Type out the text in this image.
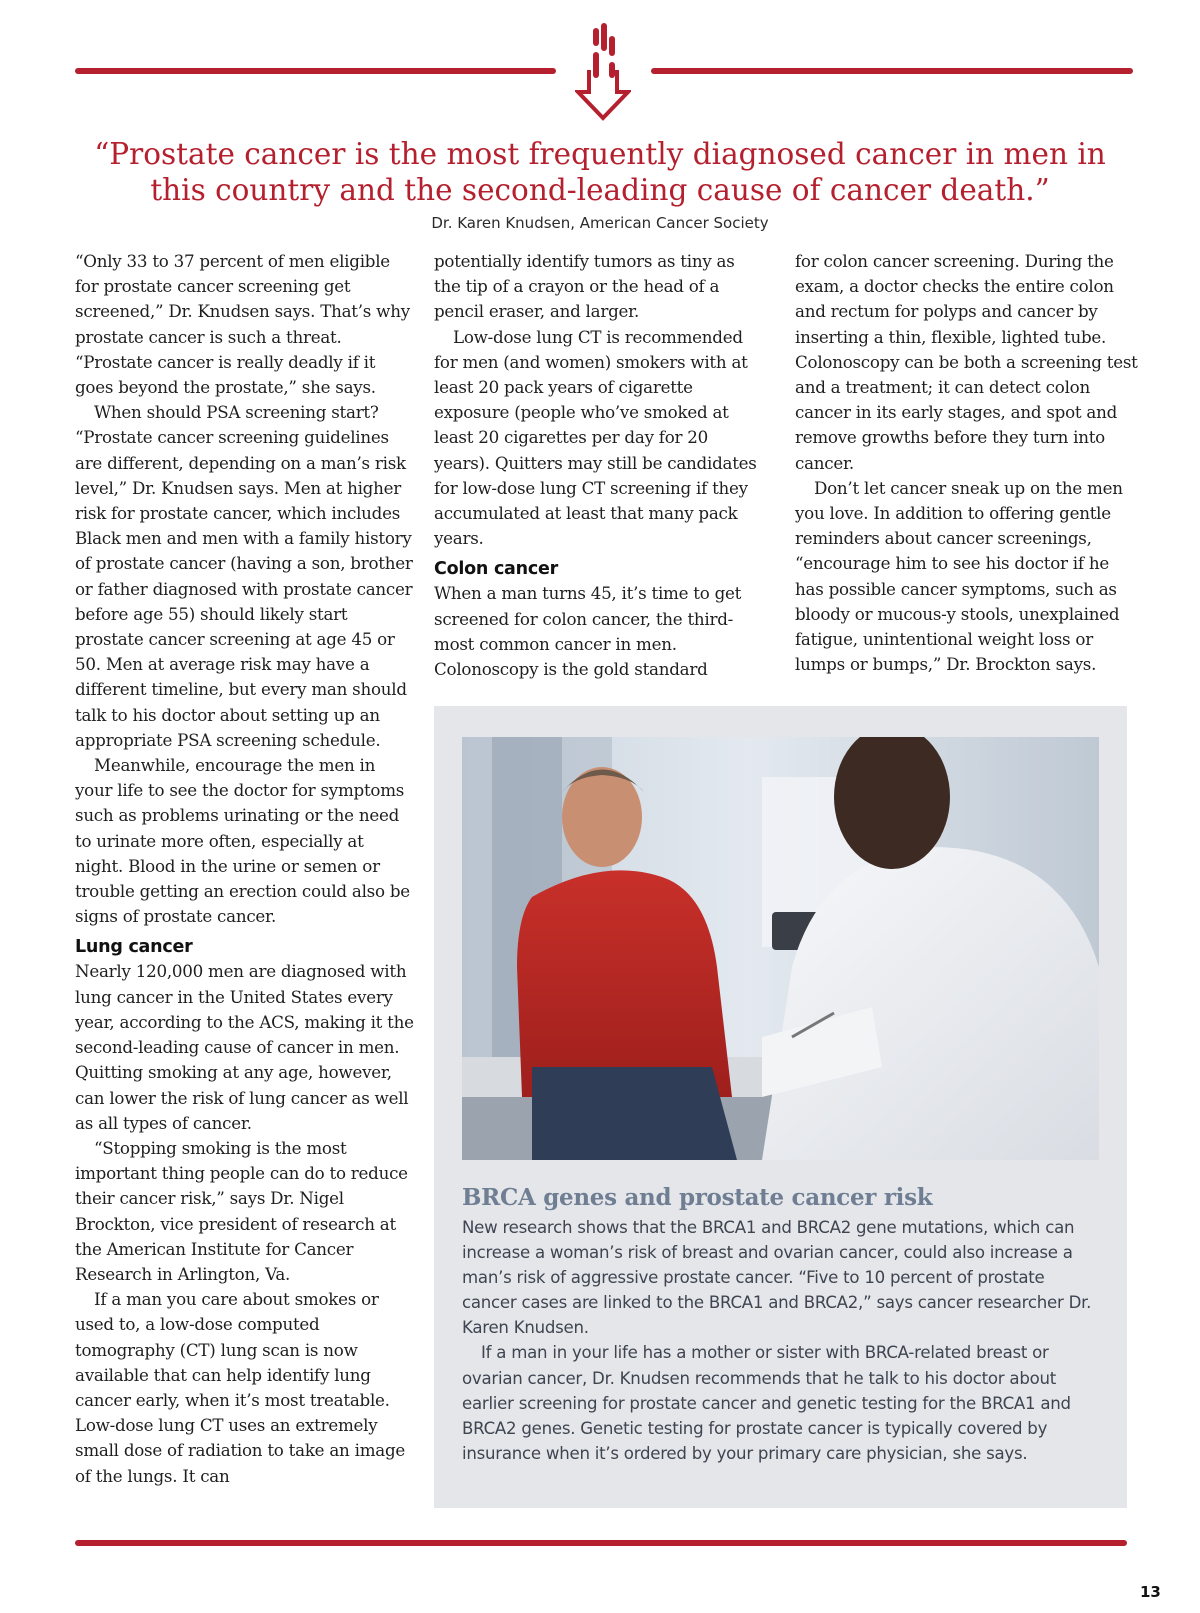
“Prostate cancer is the most frequently diagnosed cancer in men in this country and the second-leading cause of cancer death.”
Dr. Karen Knudsen, American Cancer Society

“Only 33 to 37 percent of men eligible for prostate cancer screening get screened,” Dr. Knudsen says. That’s why prostate cancer is such a threat. “Prostate cancer is really deadly if it goes beyond the prostate,” she says.

When should PSA screening start? “Prostate cancer screening guidelines are different, depending on a man’s risk level,” Dr. Knudsen says. Men at higher risk for prostate cancer, which includes Black men and men with a family history of prostate cancer (having a son, brother or father diagnosed with prostate cancer before age 55) should likely start prostate cancer screening at age 45 or 50. Men at average risk may have a different timeline, but every man should talk to his doctor about setting up an appropriate PSA screening schedule.

Meanwhile, encourage the men in your life to see the doctor for symptoms such as problems urinating or the need to urinate more often, especially at night. Blood in the urine or semen or trouble getting an erection could also be signs of prostate cancer.

Lung cancer

Nearly 120,000 men are diagnosed with lung cancer in the United States every year, according to the ACS, making it the second-leading cause of cancer in men. Quitting smoking at any age, however, can lower the risk of lung cancer as well as all types of cancer.

“Stopping smoking is the most important thing people can do to reduce their cancer risk,” says Dr. Nigel Brockton, vice president of research at the American Institute for Cancer Research in Arlington, Va.

If a man you care about smokes or used to, a low-dose computed tomography (CT) lung scan is now available that can help identify lung cancer early, when it’s most treatable. Low-dose lung CT uses an extremely small dose of radiation to take an image of the lungs. It can

potentially identify tumors as tiny as the tip of a crayon or the head of a pencil eraser, and larger.

Low-dose lung CT is recommended for men (and women) smokers with at least 20 pack years of cigarette exposure (people who’ve smoked at least 20 cigarettes per day for 20 years). Quitters may still be candidates for low-dose lung CT screening if they accumulated at least that many pack years.

Colon cancer

When a man turns 45, it’s time to get screened for colon cancer, the third-most common cancer in men. Colonoscopy is the gold standard

for colon cancer screening. During the exam, a doctor checks the entire colon and rectum for polyps and cancer by inserting a thin, flexible, lighted tube. Colonoscopy can be both a screening test and a treatment; it can detect colon cancer in its early stages, and spot and remove growths before they turn into cancer.

Don’t let cancer sneak up on the men you love. In addition to offering gentle reminders about cancer screenings, “encourage him to see his doctor if he has possible cancer symptoms, such as bloody or mucous-y stools, unexplained fatigue, unintentional weight loss or lumps or bumps,” Dr. Brockton says.

BRCA genes and prostate cancer risk

New research shows that the BRCA1 and BRCA2 gene mutations, which can increase a woman’s risk of breast and ovarian cancer, could also increase a man’s risk of aggressive prostate cancer. “Five to 10 percent of prostate cancer cases are linked to the BRCA1 and BRCA2,” says cancer researcher Dr. Karen Knudsen.

If a man in your life has a mother or sister with BRCA-related breast or ovarian cancer, Dr. Knudsen recommends that he talk to his doctor about earlier screening for prostate cancer and genetic testing for the BRCA1 and BRCA2 genes. Genetic testing for prostate cancer is typically covered by insurance when it’s ordered by your primary care physician, she says.

13
